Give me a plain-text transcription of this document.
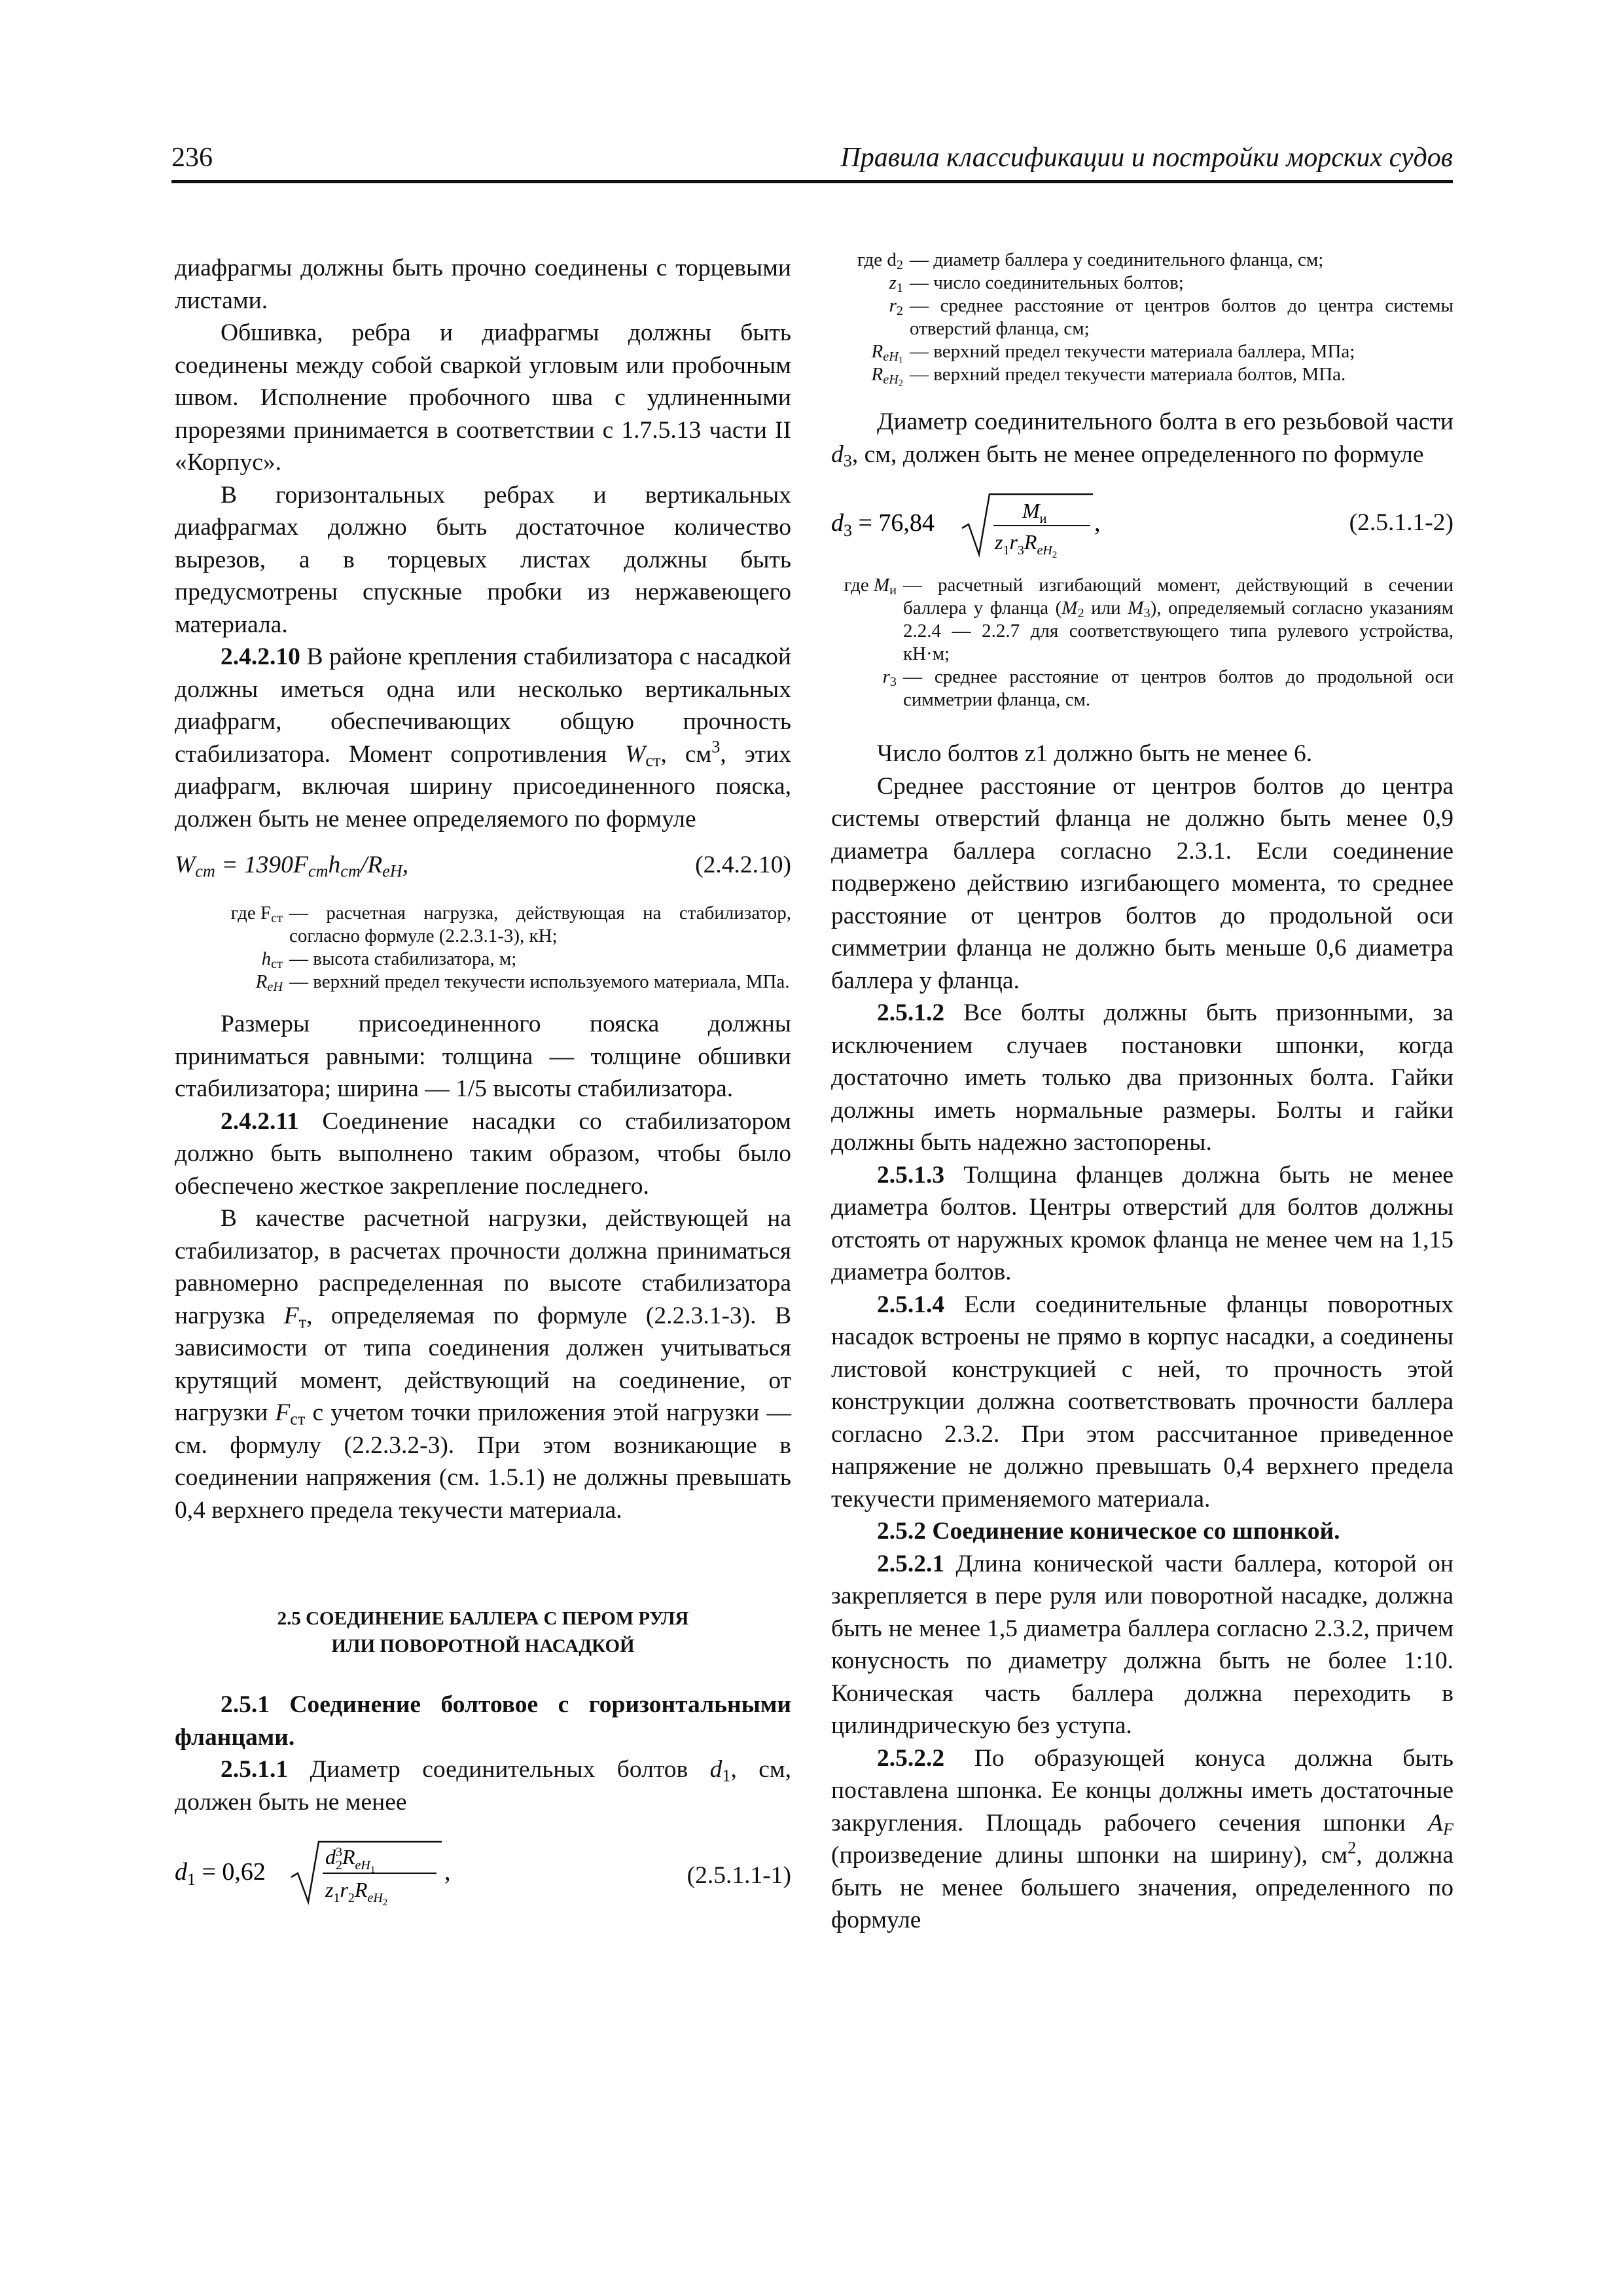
236	Правила классификации и постройки морских судов

диафрагмы должны быть прочно соединены с торцевыми листами.

Обшивка, ребра и диафрагмы должны быть соединены между собой сваркой угловым или пробочным швом. Исполнение пробочного шва с удлиненными прорезями принимается в соответствии с 1.7.5.13 части II «Корпус».

В горизонтальных ребрах и вертикальных диафрагмах должно быть достаточное количество вырезов, а в торцевых листах должны быть предусмотрены спускные пробки из нержавеющего материала.

2.4.2.10 В районе крепления стабилизатора с насадкой должны иметься одна или несколько вертикальных диафрагм, обеспечивающих общую прочность стабилизатора. Момент сопротивления $W_{ст}$, $см^3$, этих диафрагм, включая ширину присоединенного пояска, должен быть не менее определяемого по формуле

$W_{ст} = 1390F_{ст}h_{ст}/R_{eH}$,	(2.4.2.10)
где $F_{ст}$ — расчетная нагрузка, действующая на стабилизатор, согласно формуле (2.2.3.1-3), кН;
$h_{ст}$ — высота стабилизатора, м;
$R_{eH}$ — верхний предел текучести используемого материала, МПа.

Размеры присоединенного пояска должны приниматься равными: толщина — толщине обшивки стабилизатора; ширина — 1/5 высоты стабилизатора.

2.4.2.11 Соединение насадки со стабилизатором должно быть выполнено таким образом, чтобы было обеспечено жесткое закрепление последнего.

В качестве расчетной нагрузки, действующей на стабилизатор, в расчетах прочности должна приниматься равномерно распределенная по высоте стабилизатора нагрузка $F_т$, определяемая по формуле (2.2.3.1-3). В зависимости от типа соединения должен учитываться крутящий момент, действующий на соединение, от нагрузки $F_{ст}$ с учетом точки приложения этой нагрузки — см. формулу (2.2.3.2-3). При этом возникающие в соединении напряжения (см. 1.5.1) не должны превышать 0,4 верхнего предела текучести материала.

2.5 СОЕДИНЕНИЕ БАЛЛЕРА С ПЕРОМ РУЛЯ
ИЛИ ПОВОРОТНОЙ НАСАДКОЙ

2.5.1 Соединение болтовое с горизонтальными фланцами.

2.5.1.1 Диаметр соединительных болтов $d_1$, см, должен быть не менее

$d_1 = 0,62$
$d^3$ $2R_{eH}1$
$z_1r_2R_{eH}2$
,	(2.5.1.1-1)
где $d_2$ — диаметр баллера у соединительного фланца, см;
$z_1$ — число соединительных болтов;
$r_2$ — среднее расстояние от центров болтов до центра системы отверстий фланца, см;
$R_{eH_1}$ — верхний предел текучести материала баллера, МПа;
$R_{eH_2}$ — верхний предел текучести материала болтов, МПа.

Диаметр соединительного болта в его резьбовой части $d_3$, см, должен быть не менее определенного по формуле

$d_3 = 76,84$	$M_и$
$z_1r_3R_{eH}2$
,	(2.5.1.1-2)
где $M_и$ — расчетный изгибающий момент, действующий в сечении баллера у фланца ($M_2$ или $M_3$), определяемый согласно указаниям 2.2.4 — 2.2.7 для соответствующего типа рулевого устройства, кН·м;
$r_3$ — среднее расстояние от центров болтов до продольной оси симметрии фланца, см.

Число болтов z1 должно быть не менее 6.

Среднее расстояние от центров болтов до центра системы отверстий фланца не должно быть менее 0,9 диаметра баллера согласно 2.3.1. Если соединение подвержено действию изгибающего момента, то среднее расстояние от центров болтов до продольной оси симметрии фланца не должно быть меньше 0,6 диаметра баллера у фланца.

2.5.1.2 Все болты должны быть призонными, за исключением случаев постановки шпонки, когда достаточно иметь только два призонных болта. Гайки должны иметь нормальные размеры. Болты и гайки должны быть надежно застопорены.

2.5.1.3 Толщина фланцев должна быть не менее диаметра болтов. Центры отверстий для болтов должны отстоять от наружных кромок фланца не менее чем на 1,15 диаметра болтов.

2.5.1.4 Если соединительные фланцы поворотных насадок встроены не прямо в корпус насадки, а соединены листовой конструкцией с ней, то прочность этой конструкции должна соответствовать прочности баллера согласно 2.3.2. При этом рассчитанное приведенное напряжение не должно превышать 0,4 верхнего предела текучести применяемого материала.

2.5.2 Соединение коническое со шпонкой.

2.5.2.1 Длина конической части баллера, которой он закрепляется в пере руля или поворотной насадке, должна быть не менее 1,5 диаметра баллера согласно 2.3.2, причем конусность по диаметру должна быть не более 1:10. Коническая часть баллера должна переходить в цилиндрическую без уступа.

2.5.2.2 По образующей конуса должна быть поставлена шпонка. Ее концы должны иметь достаточные закругления. Площадь рабочего сечения шпонки $A_F$ (произведение длины шпонки на ширину), $см^2$, должна быть не менее большего значения, определенного по формуле
